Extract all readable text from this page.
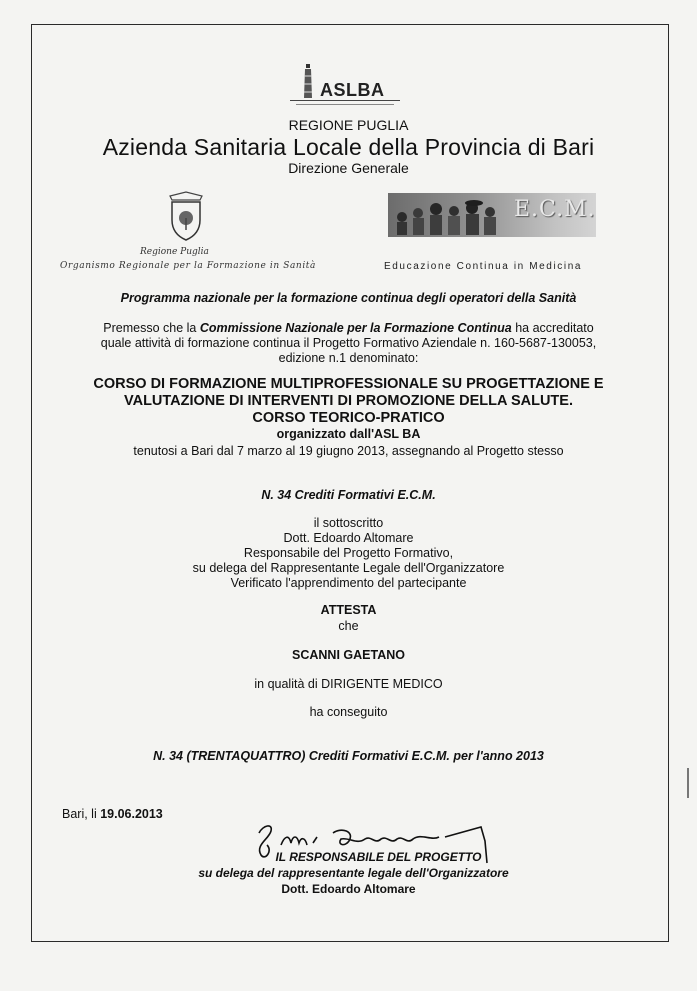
ASLBA
REGIONE PUGLIA
Azienda Sanitaria Locale della Provincia di Bari
Direzione Generale
Regione Puglia
Organismo Regionale per la Formazione in Sanità
E.C.M.
Educazione Continua in Medicina
Programma nazionale per la formazione continua degli operatori della Sanità
Premesso che la Commissione Nazionale per la Formazione Continua ha accreditato
quale attività di formazione continua il Progetto Formativo Aziendale n. 160-5687-130053,
edizione n.1 denominato:
CORSO DI FORMAZIONE MULTIPROFESSIONALE SU PROGETTAZIONE E
VALUTAZIONE DI INTERVENTI DI PROMOZIONE DELLA SALUTE.
CORSO TEORICO-PRATICO
organizzato dall'ASL BA
tenutosi a Bari dal 7 marzo al 19 giugno 2013, assegnando al Progetto stesso
N. 34 Crediti Formativi E.C.M.
il sottoscritto
Dott. Edoardo Altomare
Responsabile del Progetto Formativo,
su delega del Rappresentante Legale dell'Organizzatore
Verificato l'apprendimento del partecipante
ATTESTA
che
SCANNI GAETANO
in qualità di DIRIGENTE MEDICO
ha conseguito
N. 34 (TRENTAQUATTRO) Crediti Formativi E.C.M. per l'anno 2013
Bari, li 19.06.2013
IL RESPONSABILE DEL PROGETTO
su delega del rappresentante legale dell'Organizzatore
Dott. Edoardo Altomare
